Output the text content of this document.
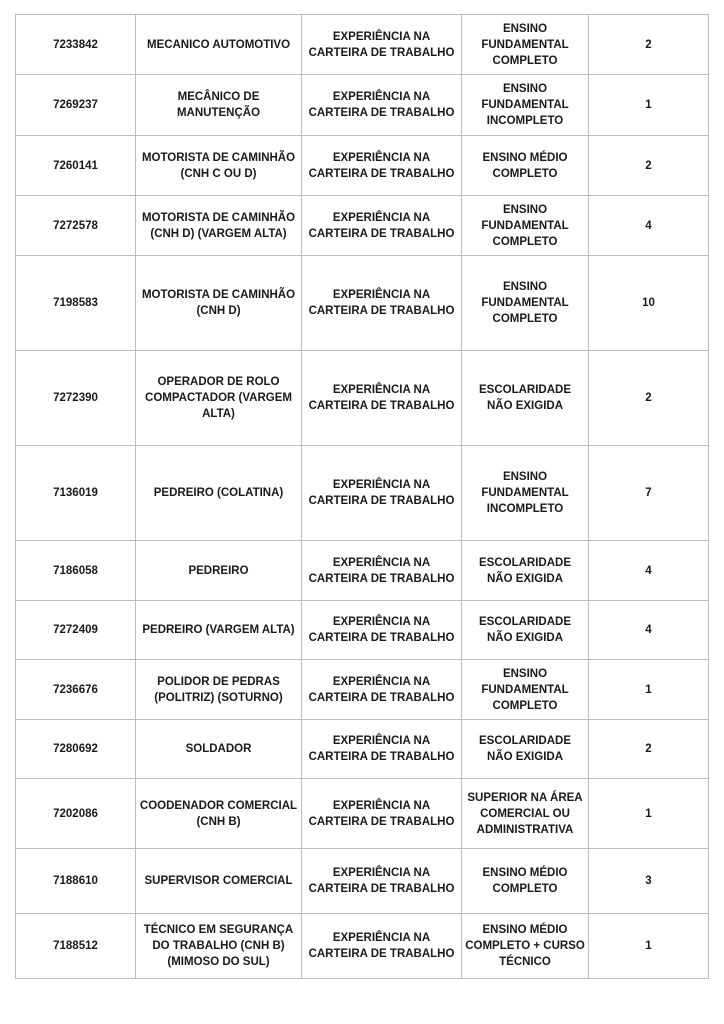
7233842	MECANICO AUTOMOTIVO	EXPERIÊNCIA NA CARTEIRA DE TRABALHO	ENSINO FUNDAMENTAL COMPLETO	2
7269237	MECÂNICO DE MANUTENÇÃO	EXPERIÊNCIA NA CARTEIRA DE TRABALHO	ENSINO FUNDAMENTAL INCOMPLETO	1
7260141	MOTORISTA DE CAMINHÃO (CNH C OU D)	EXPERIÊNCIA NA CARTEIRA DE TRABALHO	ENSINO MÉDIO COMPLETO	2
7272578	MOTORISTA DE CAMINHÃO (CNH D) (VARGEM ALTA)	EXPERIÊNCIA NA CARTEIRA DE TRABALHO	ENSINO FUNDAMENTAL COMPLETO	4
7198583	MOTORISTA DE CAMINHÃO (CNH D)	EXPERIÊNCIA NA CARTEIRA DE TRABALHO	ENSINO FUNDAMENTAL COMPLETO	10
7272390	OPERADOR DE ROLO COMPACTADOR (VARGEM ALTA)	EXPERIÊNCIA NA CARTEIRA DE TRABALHO	ESCOLARIDADE NÃO EXIGIDA	2
7136019	PEDREIRO (COLATINA)	EXPERIÊNCIA NA CARTEIRA DE TRABALHO	ENSINO FUNDAMENTAL INCOMPLETO	7
7186058	PEDREIRO	EXPERIÊNCIA NA CARTEIRA DE TRABALHO	ESCOLARIDADE NÃO EXIGIDA	4
7272409	PEDREIRO (VARGEM ALTA)	EXPERIÊNCIA NA CARTEIRA DE TRABALHO	ESCOLARIDADE NÃO EXIGIDA	4
7236676	POLIDOR DE PEDRAS (POLITRIZ) (SOTURNO)	EXPERIÊNCIA NA CARTEIRA DE TRABALHO	ENSINO FUNDAMENTAL COMPLETO	1
7280692	SOLDADOR	EXPERIÊNCIA NA CARTEIRA DE TRABALHO	ESCOLARIDADE NÃO EXIGIDA	2
7202086	COODENADOR COMERCIAL (CNH B)	EXPERIÊNCIA NA CARTEIRA DE TRABALHO	SUPERIOR NA ÁREA COMERCIAL OU ADMINISTRATIVA	1
7188610	SUPERVISOR COMERCIAL	EXPERIÊNCIA NA CARTEIRA DE TRABALHO	ENSINO MÉDIO COMPLETO	3
7188512	TÉCNICO EM SEGURANÇA DO TRABALHO (CNH B) (MIMOSO DO SUL)	EXPERIÊNCIA NA CARTEIRA DE TRABALHO	ENSINO MÉDIO COMPLETO + CURSO TÉCNICO	1
